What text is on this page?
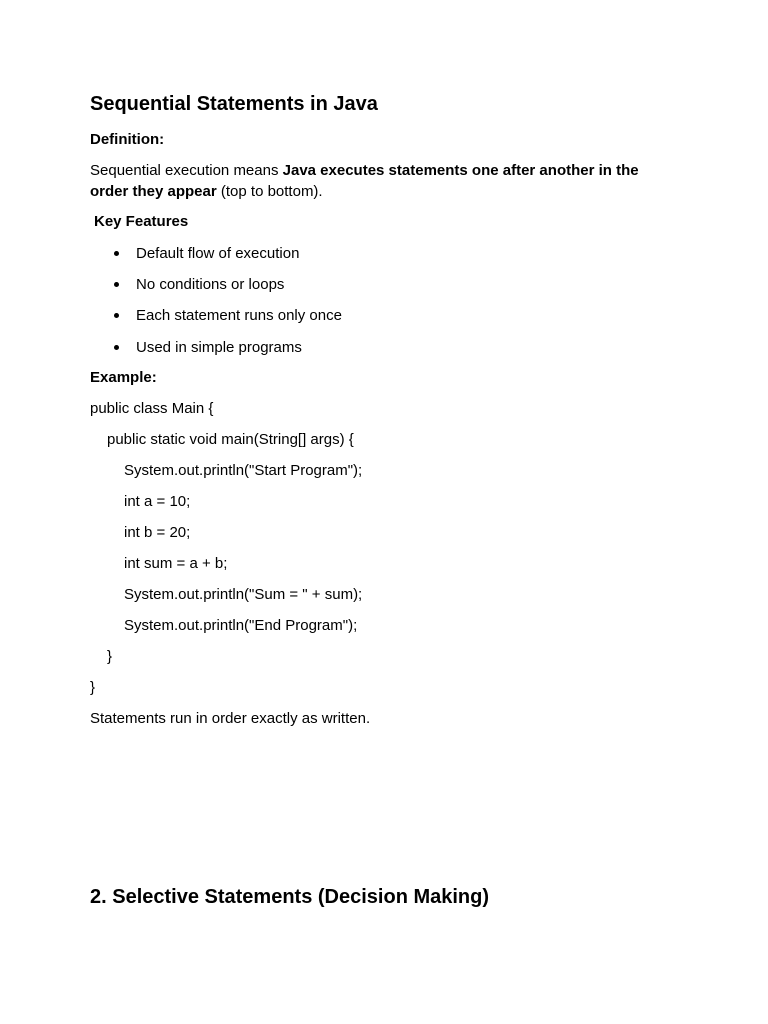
Sequential Statements in Java
Definition:
Sequential execution means Java executes statements one after another in the order they appear (top to bottom).
Key Features
Default flow of execution
No conditions or loops
Each statement runs only once
Used in simple programs
Example:
public class Main {
public static void main(String[] args) {
System.out.println("Start Program");
int a = 10;
int b = 20;
int sum = a + b;
System.out.println("Sum = " + sum);
System.out.println("End Program");
}
}
Statements run in order exactly as written.
2. Selective Statements (Decision Making)
